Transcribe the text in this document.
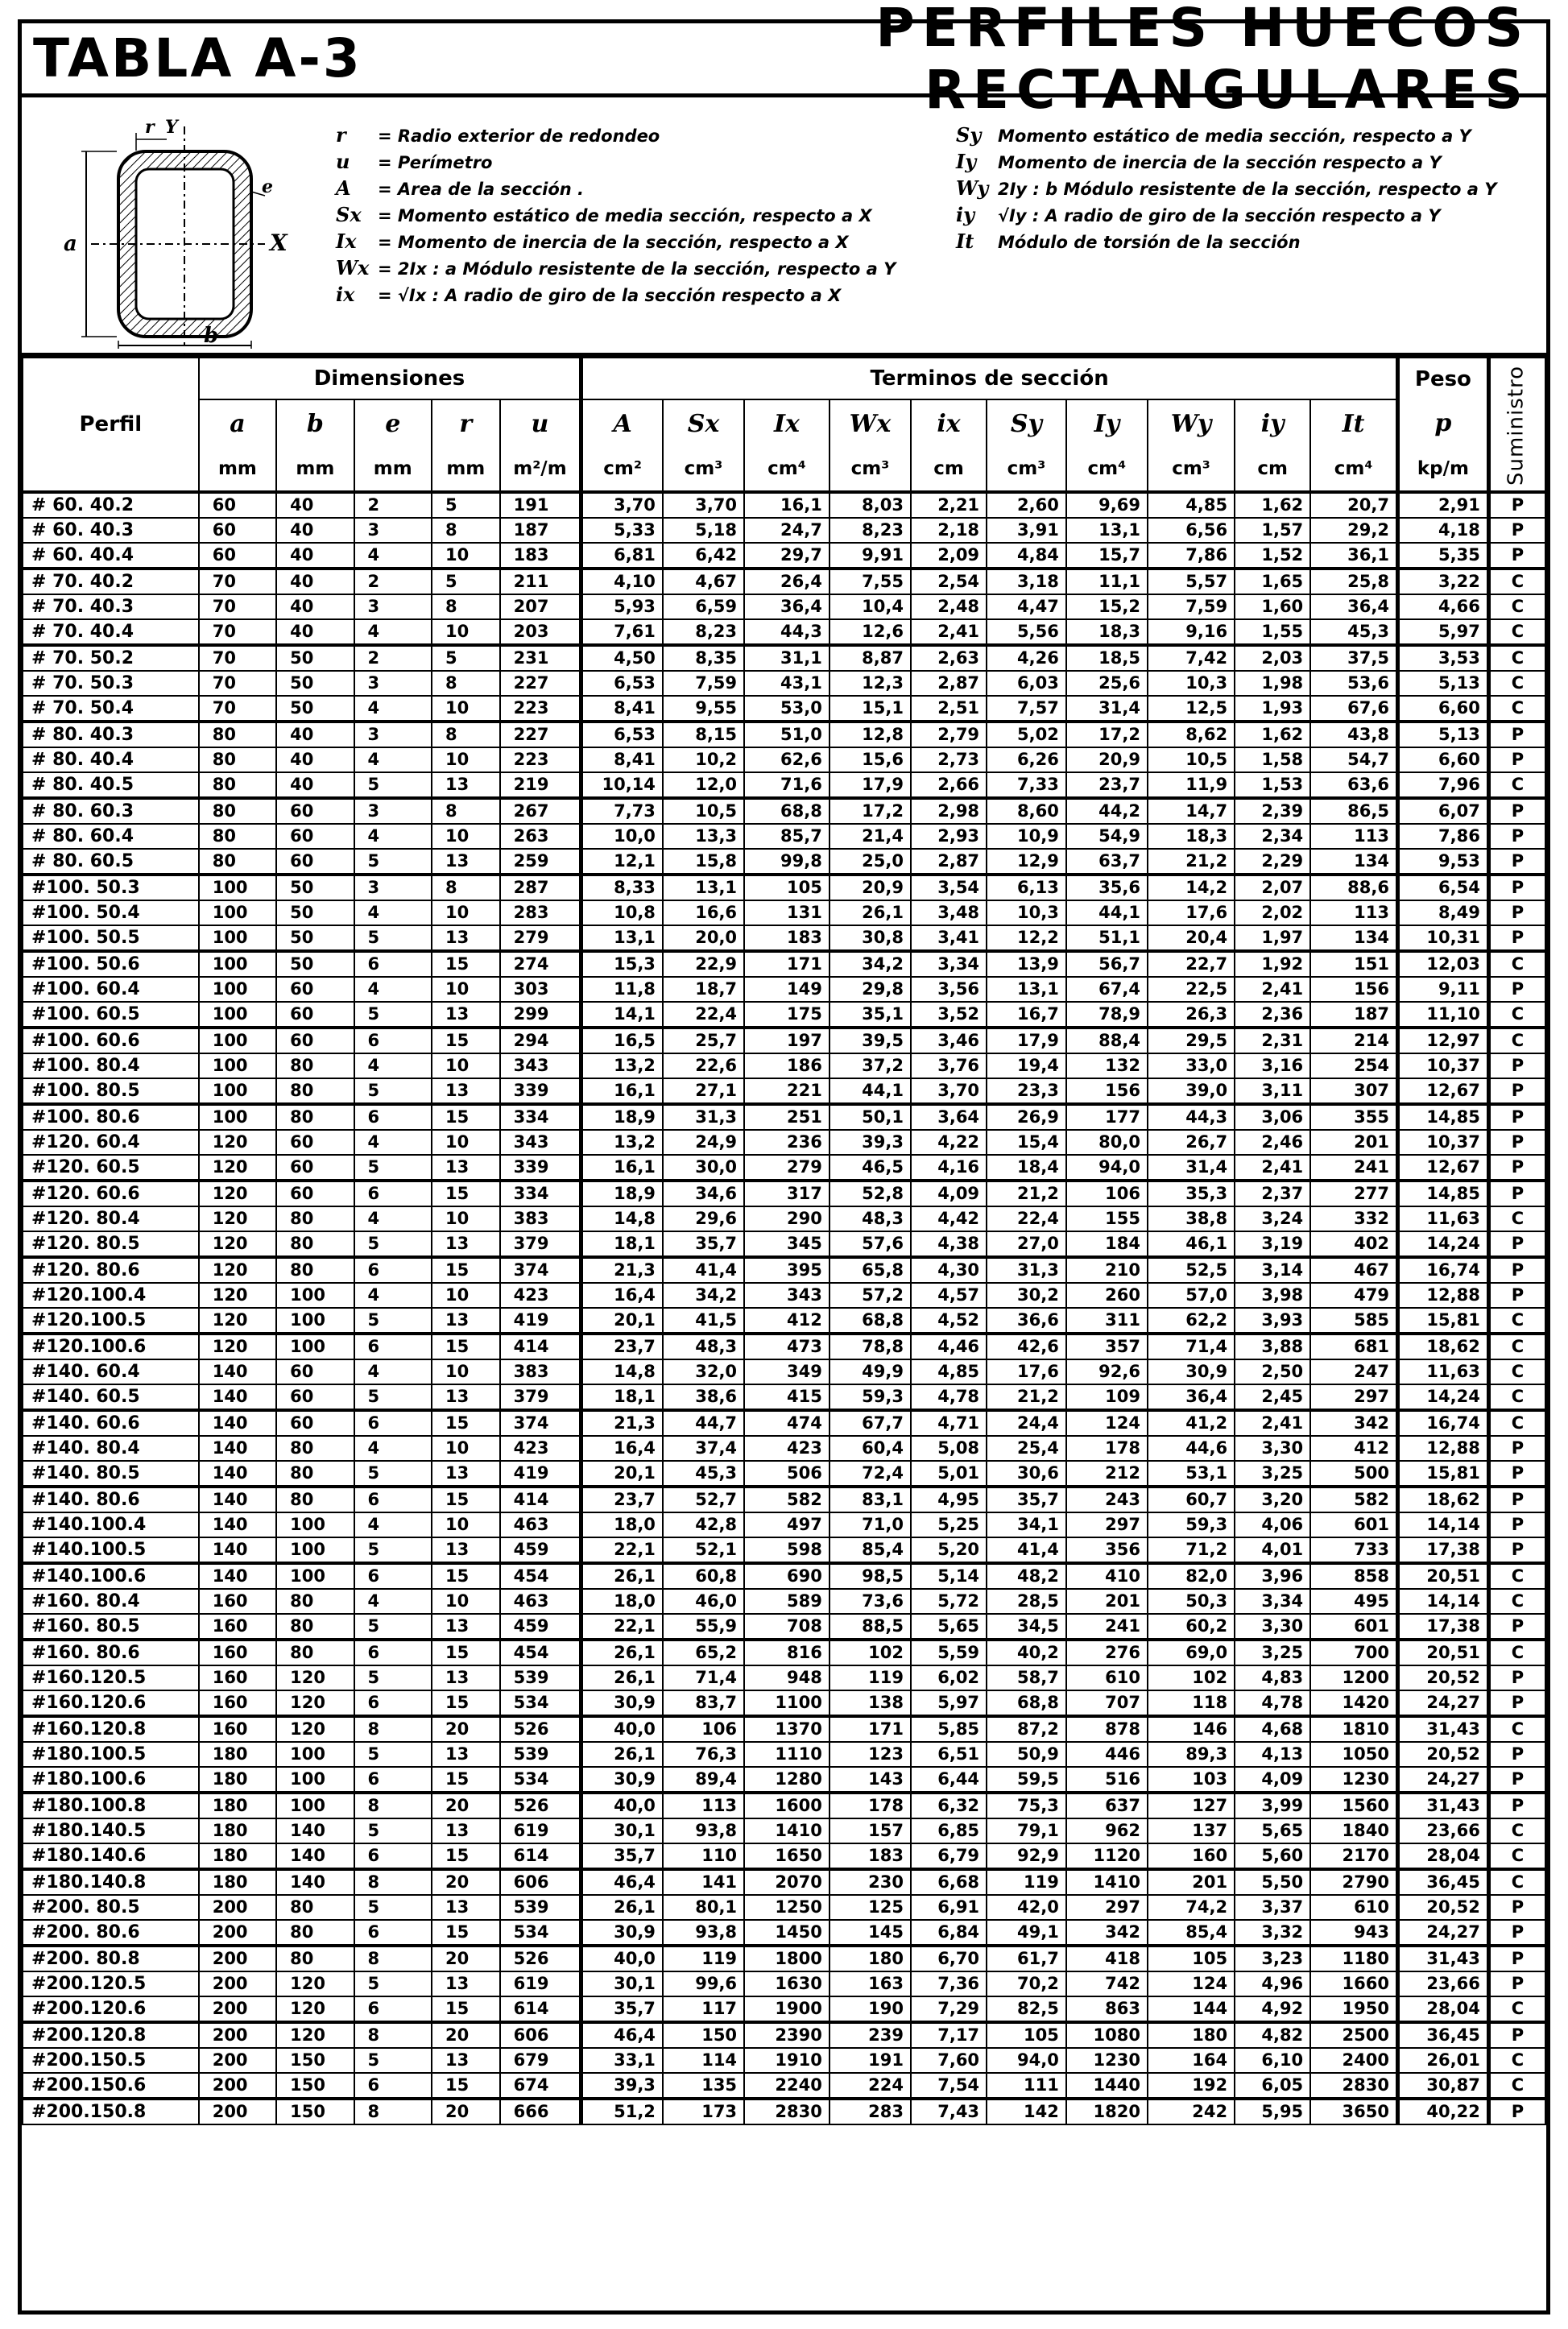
TABLA A-3	PERFILES HUECOS RECTANGULARES
r Y
e
X
a
b
r = Radio exterior de redondeo
u = Perímetro
A = Area de la sección .
Sx = Momento estático de media sección, respecto a X
Ix = Momento de inercia de la sección, respecto a X
Wx = 2Ix : a Módulo resistente de la sección, respecto a Y
ix = √Ix : A radio de giro de la sección respecto a X
Sy Momento estático de media sección, respecto a Y
Iy Momento de inercia de la sección respecto a Y
Wy 2Iy : b Módulo resistente de la sección, respecto a Y
iy √Iy : A radio de giro de la sección respecto a Y
It Módulo de torsión de la sección
Perfil	Dimensiones					Terminos de sección										Peso	Suministro
	a	b	e	r	u	A	Sx	Ix	Wx	ix	Sy	Iy	Wy	iy	It	p	
	mm	mm	mm	mm	m²/m	cm²	cm³	cm⁴	cm³	cm	cm³	cm⁴	cm³	cm	cm⁴	kp/m	
# 60. 40.2	60	40	2	5	191	3,70	3,70	16,1	8,03	2,21	2,60	9,69	4,85	1,62	20,7	2,91	P
# 60. 40.3	60	40	3	8	187	5,33	5,18	24,7	8,23	2,18	3,91	13,1	6,56	1,57	29,2	4,18	P
# 60. 40.4	60	40	4	10	183	6,81	6,42	29,7	9,91	2,09	4,84	15,7	7,86	1,52	36,1	5,35	P
# 70. 40.2	70	40	2	5	211	4,10	4,67	26,4	7,55	2,54	3,18	11,1	5,57	1,65	25,8	3,22	C
# 70. 40.3	70	40	3	8	207	5,93	6,59	36,4	10,4	2,48	4,47	15,2	7,59	1,60	36,4	4,66	C
# 70. 40.4	70	40	4	10	203	7,61	8,23	44,3	12,6	2,41	5,56	18,3	9,16	1,55	45,3	5,97	C
# 70. 50.2	70	50	2	5	231	4,50	8,35	31,1	8,87	2,63	4,26	18,5	7,42	2,03	37,5	3,53	C
# 70. 50.3	70	50	3	8	227	6,53	7,59	43,1	12,3	2,87	6,03	25,6	10,3	1,98	53,6	5,13	C
# 70. 50.4	70	50	4	10	223	8,41	9,55	53,0	15,1	2,51	7,57	31,4	12,5	1,93	67,6	6,60	C
# 80. 40.3	80	40	3	8	227	6,53	8,15	51,0	12,8	2,79	5,02	17,2	8,62	1,62	43,8	5,13	P
# 80. 40.4	80	40	4	10	223	8,41	10,2	62,6	15,6	2,73	6,26	20,9	10,5	1,58	54,7	6,60	P
# 80. 40.5	80	40	5	13	219	10,14	12,0	71,6	17,9	2,66	7,33	23,7	11,9	1,53	63,6	7,96	C
# 80. 60.3	80	60	3	8	267	7,73	10,5	68,8	17,2	2,98	8,60	44,2	14,7	2,39	86,5	6,07	P
# 80. 60.4	80	60	4	10	263	10,0	13,3	85,7	21,4	2,93	10,9	54,9	18,3	2,34	113	7,86	P
# 80. 60.5	80	60	5	13	259	12,1	15,8	99,8	25,0	2,87	12,9	63,7	21,2	2,29	134	9,53	P
#100. 50.3	100	50	3	8	287	8,33	13,1	105	20,9	3,54	6,13	35,6	14,2	2,07	88,6	6,54	P
#100. 50.4	100	50	4	10	283	10,8	16,6	131	26,1	3,48	10,3	44,1	17,6	2,02	113	8,49	P
#100. 50.5	100	50	5	13	279	13,1	20,0	183	30,8	3,41	12,2	51,1	20,4	1,97	134	10,31	P
#100. 50.6	100	50	6	15	274	15,3	22,9	171	34,2	3,34	13,9	56,7	22,7	1,92	151	12,03	C
#100. 60.4	100	60	4	10	303	11,8	18,7	149	29,8	3,56	13,1	67,4	22,5	2,41	156	9,11	P
#100. 60.5	100	60	5	13	299	14,1	22,4	175	35,1	3,52	16,7	78,9	26,3	2,36	187	11,10	C
#100. 60.6	100	60	6	15	294	16,5	25,7	197	39,5	3,46	17,9	88,4	29,5	2,31	214	12,97	C
#100. 80.4	100	80	4	10	343	13,2	22,6	186	37,2	3,76	19,4	132	33,0	3,16	254	10,37	P
#100. 80.5	100	80	5	13	339	16,1	27,1	221	44,1	3,70	23,3	156	39,0	3,11	307	12,67	P
#100. 80.6	100	80	6	15	334	18,9	31,3	251	50,1	3,64	26,9	177	44,3	3,06	355	14,85	P
#120. 60.4	120	60	4	10	343	13,2	24,9	236	39,3	4,22	15,4	80,0	26,7	2,46	201	10,37	P
#120. 60.5	120	60	5	13	339	16,1	30,0	279	46,5	4,16	18,4	94,0	31,4	2,41	241	12,67	P
#120. 60.6	120	60	6	15	334	18,9	34,6	317	52,8	4,09	21,2	106	35,3	2,37	277	14,85	P
#120. 80.4	120	80	4	10	383	14,8	29,6	290	48,3	4,42	22,4	155	38,8	3,24	332	11,63	C
#120. 80.5	120	80	5	13	379	18,1	35,7	345	57,6	4,38	27,0	184	46,1	3,19	402	14,24	P
#120. 80.6	120	80	6	15	374	21,3	41,4	395	65,8	4,30	31,3	210	52,5	3,14	467	16,74	P
#120.100.4	120	100	4	10	423	16,4	34,2	343	57,2	4,57	30,2	260	57,0	3,98	479	12,88	P
#120.100.5	120	100	5	13	419	20,1	41,5	412	68,8	4,52	36,6	311	62,2	3,93	585	15,81	C
#120.100.6	120	100	6	15	414	23,7	48,3	473	78,8	4,46	42,6	357	71,4	3,88	681	18,62	C
#140. 60.4	140	60	4	10	383	14,8	32,0	349	49,9	4,85	17,6	92,6	30,9	2,50	247	11,63	C
#140. 60.5	140	60	5	13	379	18,1	38,6	415	59,3	4,78	21,2	109	36,4	2,45	297	14,24	C
#140. 60.6	140	60	6	15	374	21,3	44,7	474	67,7	4,71	24,4	124	41,2	2,41	342	16,74	C
#140. 80.4	140	80	4	10	423	16,4	37,4	423	60,4	5,08	25,4	178	44,6	3,30	412	12,88	P
#140. 80.5	140	80	5	13	419	20,1	45,3	506	72,4	5,01	30,6	212	53,1	3,25	500	15,81	P
#140. 80.6	140	80	6	15	414	23,7	52,7	582	83,1	4,95	35,7	243	60,7	3,20	582	18,62	P
#140.100.4	140	100	4	10	463	18,0	42,8	497	71,0	5,25	34,1	297	59,3	4,06	601	14,14	P
#140.100.5	140	100	5	13	459	22,1	52,1	598	85,4	5,20	41,4	356	71,2	4,01	733	17,38	P
#140.100.6	140	100	6	15	454	26,1	60,8	690	98,5	5,14	48,2	410	82,0	3,96	858	20,51	C
#160. 80.4	160	80	4	10	463	18,0	46,0	589	73,6	5,72	28,5	201	50,3	3,34	495	14,14	C
#160. 80.5	160	80	5	13	459	22,1	55,9	708	88,5	5,65	34,5	241	60,2	3,30	601	17,38	P
#160. 80.6	160	80	6	15	454	26,1	65,2	816	102	5,59	40,2	276	69,0	3,25	700	20,51	C
#160.120.5	160	120	5	13	539	26,1	71,4	948	119	6,02	58,7	610	102	4,83	1200	20,52	P
#160.120.6	160	120	6	15	534	30,9	83,7	1100	138	5,97	68,8	707	118	4,78	1420	24,27	P
#160.120.8	160	120	8	20	526	40,0	106	1370	171	5,85	87,2	878	146	4,68	1810	31,43	C
#180.100.5	180	100	5	13	539	26,1	76,3	1110	123	6,51	50,9	446	89,3	4,13	1050	20,52	P
#180.100.6	180	100	6	15	534	30,9	89,4	1280	143	6,44	59,5	516	103	4,09	1230	24,27	P
#180.100.8	180	100	8	20	526	40,0	113	1600	178	6,32	75,3	637	127	3,99	1560	31,43	P
#180.140.5	180	140	5	13	619	30,1	93,8	1410	157	6,85	79,1	962	137	5,65	1840	23,66	C
#180.140.6	180	140	6	15	614	35,7	110	1650	183	6,79	92,9	1120	160	5,60	2170	28,04	C
#180.140.8	180	140	8	20	606	46,4	141	2070	230	6,68	119	1410	201	5,50	2790	36,45	C
#200. 80.5	200	80	5	13	539	26,1	80,1	1250	125	6,91	42,0	297	74,2	3,37	610	20,52	P
#200. 80.6	200	80	6	15	534	30,9	93,8	1450	145	6,84	49,1	342	85,4	3,32	943	24,27	P
#200. 80.8	200	80	8	20	526	40,0	119	1800	180	6,70	61,7	418	105	3,23	1180	31,43	P
#200.120.5	200	120	5	13	619	30,1	99,6	1630	163	7,36	70,2	742	124	4,96	1660	23,66	P
#200.120.6	200	120	6	15	614	35,7	117	1900	190	7,29	82,5	863	144	4,92	1950	28,04	C
#200.120.8	200	120	8	20	606	46,4	150	2390	239	7,17	105	1080	180	4,82	2500	36,45	P
#200.150.5	200	150	5	13	679	33,1	114	1910	191	7,60	94,0	1230	164	6,10	2400	26,01	C
#200.150.6	200	150	6	15	674	39,3	135	2240	224	7,54	111	1440	192	6,05	2830	30,87	C
#200.150.8	200	150	8	20	666	51,2	173	2830	283	7,43	142	1820	242	5,95	3650	40,22	P
